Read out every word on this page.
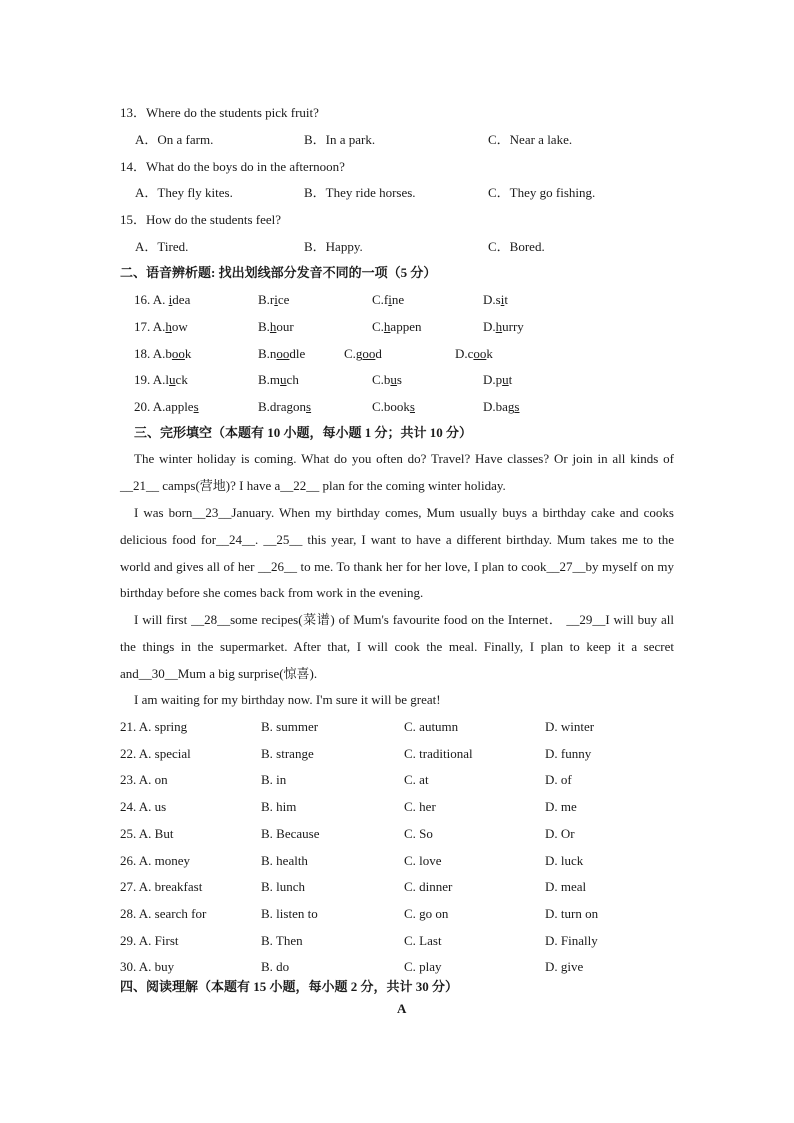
13．Where do the students pick fruit?
A．On a farm.	B．In a park.	C．Near a lake.
14．What do the boys do in the afternoon?
A．They fly kites.	B．They ride horses.	C．They go fishing.
15．How do the students feel?
A．Tired.	B．Happy.	C．Bored.
二、语音辨析题: 找出划线部分发音不同的一项（5 分）
16. A. idea	B.rice	C.fine	D.sit
17. A.how	B.hour	C.happen	D.hurry
18. A.book	B.noodle	C.good	D.cook
19. A.luck	B.much	C.bus	D.put
20. A.apples	B.dragons	C.books	D.bags
三、完形填空（本题有 10 小题，每小题 1 分；共计 10 分）
The winter holiday is coming. What do you often do? Travel? Have classes? Or join in all kinds of __21__ camps(营地)? I have a__22__ plan for the coming winter holiday.
I was born__23__January. When my birthday comes, Mum usually buys a birthday cake and cooks delicious food for__24__. __25__ this year, I want to have a different birthday. Mum takes me to the world and gives all of her __26__ to me. To thank her for her love, I plan to cook__27__by myself on my birthday before she comes back from work in the evening.
I will first __28__some recipes(菜谱) of Mum's favourite food on the Internet． __29__I will buy all the things in the supermarket. After that, I will cook the meal. Finally, I plan to keep it a secret and__30__Mum a big surprise(惊喜).
I am waiting for my birthday now. I'm sure it will be great!
21. A. spring	B. summer	C. autumn	D. winter
22. A. special	B. strange	C. traditional	D. funny
23. A. on	B. in	C. at	D. of
24. A. us	B. him	C. her	D. me
25. A. But	B. Because	C. So	D. Or
26. A. money	B. health	C. love	D. luck
27. A. breakfast	B. lunch	C. dinner	D. meal
28. A. search for	B. listen to	C. go on	D. turn on
29. A. First	B. Then	C. Last	D. Finally
30. A. buy	B. do	C. play	D. give
四、阅读理解（本题有 15 小题，每小题 2 分，共计 30 分）
A
